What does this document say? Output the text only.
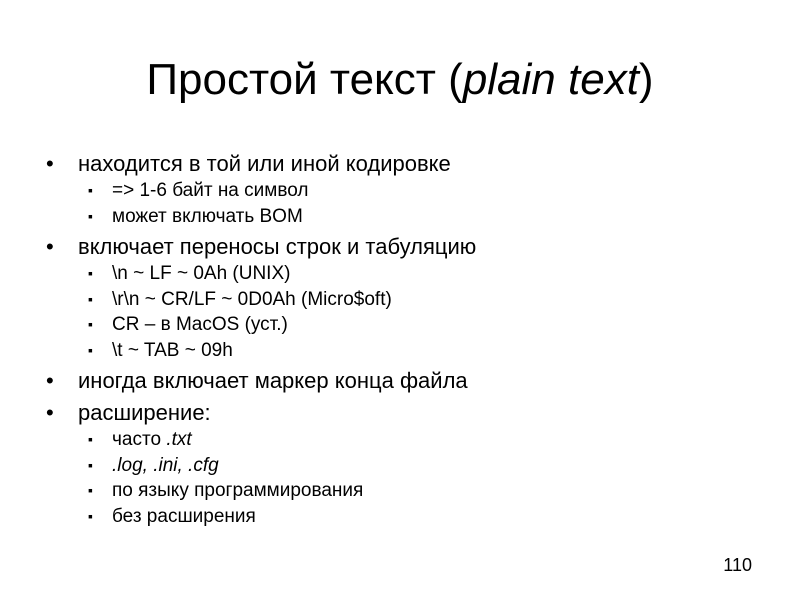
Простой текст (plain text)
• находится в той или иной кодировке
▪ => 1-6 байт на символ
▪ может включать BOM
• включает переносы строк и табуляцию
▪ \n ~ LF ~ 0Ah (UNIX)
▪ \r\n ~ CR/LF ~ 0D0Ah (Micro$oft)
▪ CR – в MacOS (уст.)
▪ \t ~ TAB ~ 09h
• иногда включает маркер конца файла
• расширение:
▪ часто .txt
▪ .log, .ini, .cfg
▪ по языку программирования
▪ без расширения
110
